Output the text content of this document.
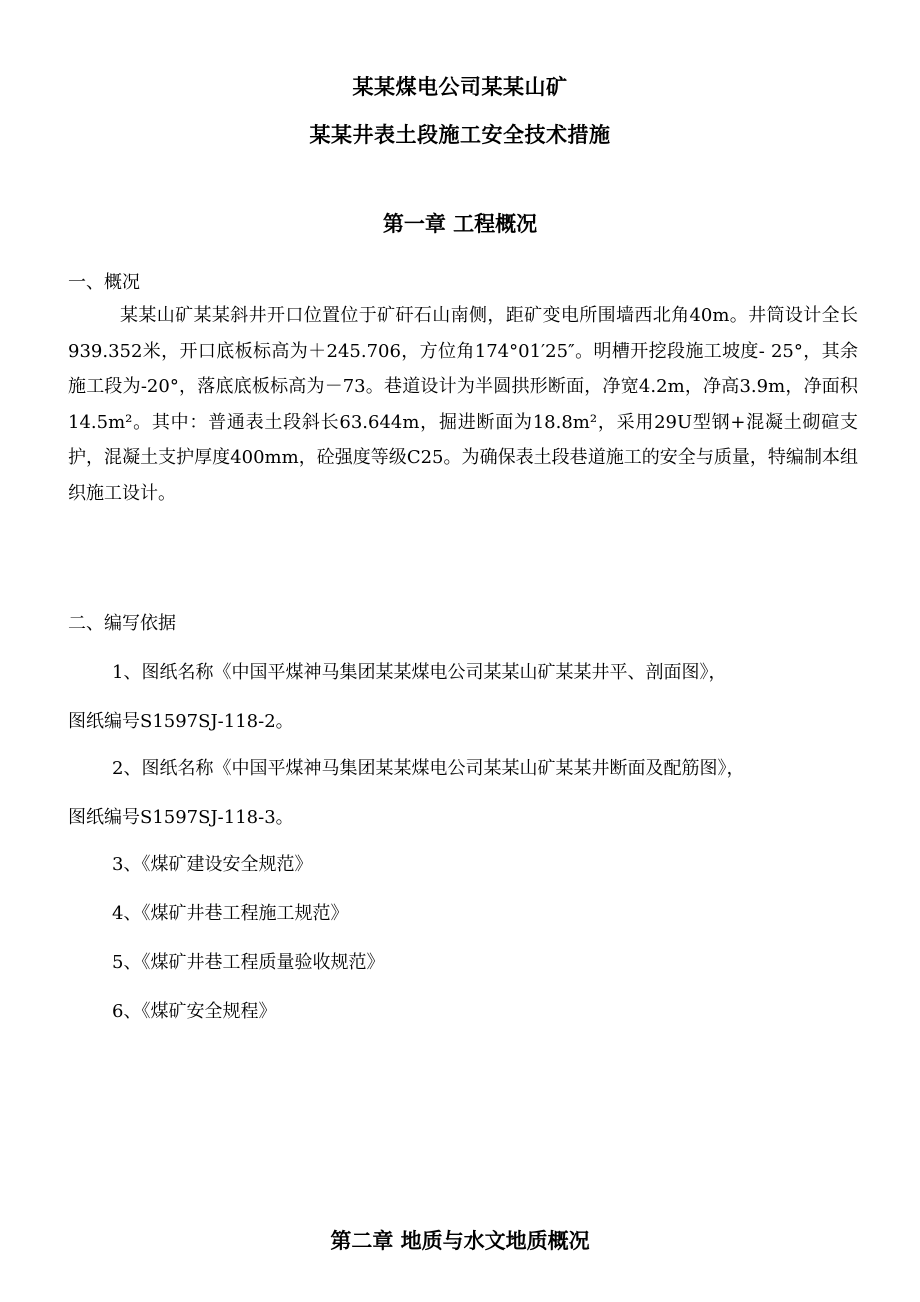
某某煤电公司某某山矿
某某井表土段施工安全技术措施
第一章 工程概况
一、概况
某某山矿某某斜井开口位置位于矿矸石山南侧，距矿变电所围墙西北角40m。井筒设计全长939.352米，开口底板标高为＋245.706，方位角174°01′25″。明槽开挖段施工坡度- 25°，其余施工段为-20°，落底底板标高为－73。巷道设计为半圆拱形断面，净宽4.2m，净高3.9m，净面积14.5m²。其中：普通表土段斜长63.644m，掘进断面为18.8m²，采用29U型钢+混凝土砌碹支护，混凝土支护厚度400mm，砼强度等级C25。为确保表土段巷道施工的安全与质量，特编制本组织施工设计。
二、编写依据
1、图纸名称《中国平煤神马集团某某煤电公司某某山矿某某井平、剖面图》，
图纸编号S1597SJ-118-2。
2、图纸名称《中国平煤神马集团某某煤电公司某某山矿某某井断面及配筋图》，
图纸编号S1597SJ-118-3。
3、《煤矿建设安全规范》
4、《煤矿井巷工程施工规范》
5、《煤矿井巷工程质量验收规范》
6、《煤矿安全规程》
第二章 地质与水文地质概况
